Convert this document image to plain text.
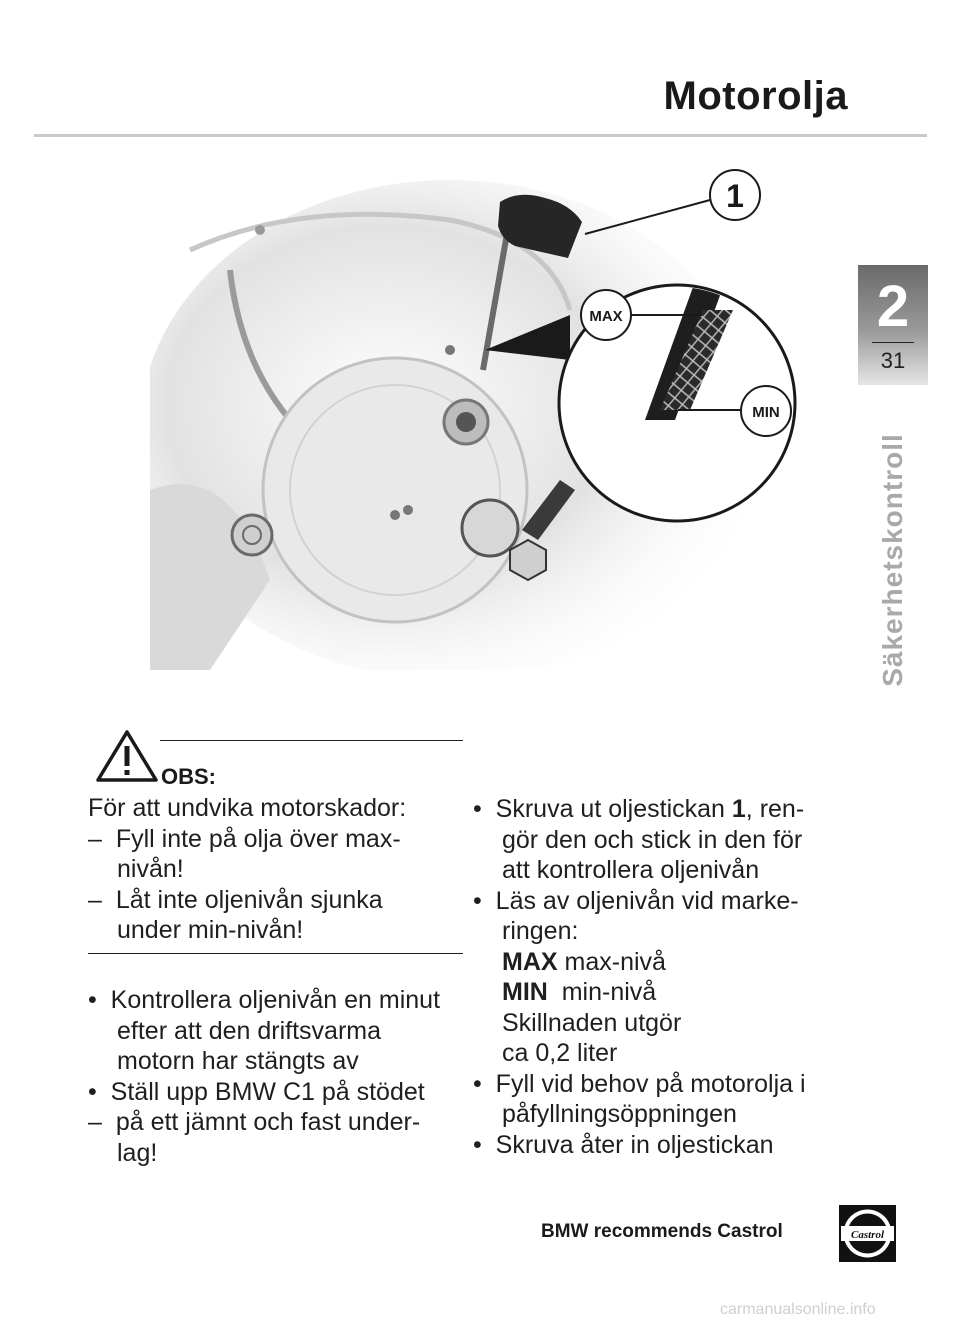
Motorolja
2
31
Säkerhetskontroll
MAX
MIN
1
OBS:
För att undvika motorskador:
– Fyll inte på olja över max-
nivån!
– Låt inte oljenivån sjunka
under min-nivån!
• Kontrollera oljenivån en minut
efter att den driftsvarma
motorn har stängts av
• Ställ upp BMW C1 på stödet
– på ett jämnt och fast under-
lag!
• Skruva ut oljestickan 1, ren-
gör den och stick in den för
att kontrollera oljenivån
• Läs av oljenivån vid marke-
ringen:
MAX max-nivå
MIN min-nivå
Skillnaden utgör
ca 0,2 liter
• Fyll vid behov på motorolja i
påfyllningsöppningen
• Skruva åter in oljestickan
BMW recommends Castrol	Castrol
carmanualsonline.info
